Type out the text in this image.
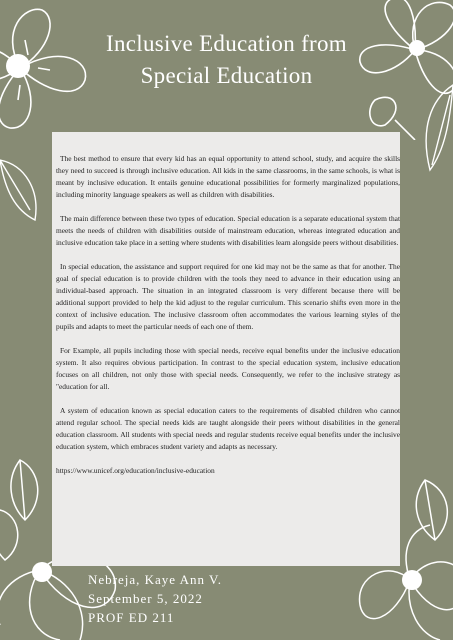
Inclusive Education from
Special Education

The best method to ensure that every kid has an equal opportunity to attend school, study, and acquire the skills they need to succeed is through inclusive education. All kids in the same classrooms, in the same schools, is what is meant by inclusive education. It entails genuine educational possibilities for formerly marginalized populations, including minority language speakers as well as children with disabilities.

The main difference between these two types of education. Special education is a separate educational system that meets the needs of children with disabilities outside of mainstream education, whereas integrated education and inclusive education take place in a setting where students with disabilities learn alongside peers without disabilities.

In special education, the assistance and support required for one kid may not be the same as that for another. The goal of special education is to provide children with the tools they need to advance in their education using an individual-based approach. The situation in an integrated classroom is very different because there will be additional support provided to help the kid adjust to the regular curriculum. This scenario shifts even more in the context of inclusive education. The inclusive classroom often accommodates the various learning styles of the pupils and adapts to meet the particular needs of each one of them.

For Example, all pupils including those with special needs, receive equal benefits under the inclusive education system. It also requires obvious participation. In contrast to the special education system, inclusive education focuses on all children, not only those with special needs. Consequently, we refer to the inclusive strategy as "education for all.

A system of education known as special education caters to the requirements of disabled children who cannot attend regular school. The special needs kids are taught alongside their peers without disabilities in the general education classroom. All students with special needs and regular students receive equal benefits under the inclusive education system, which embraces student variety and adapts as necessary.

https://www.unicef.org/education/inclusive-education

Nebreja, Kaye Ann V.
September 5, 2022
PROF ED 211
